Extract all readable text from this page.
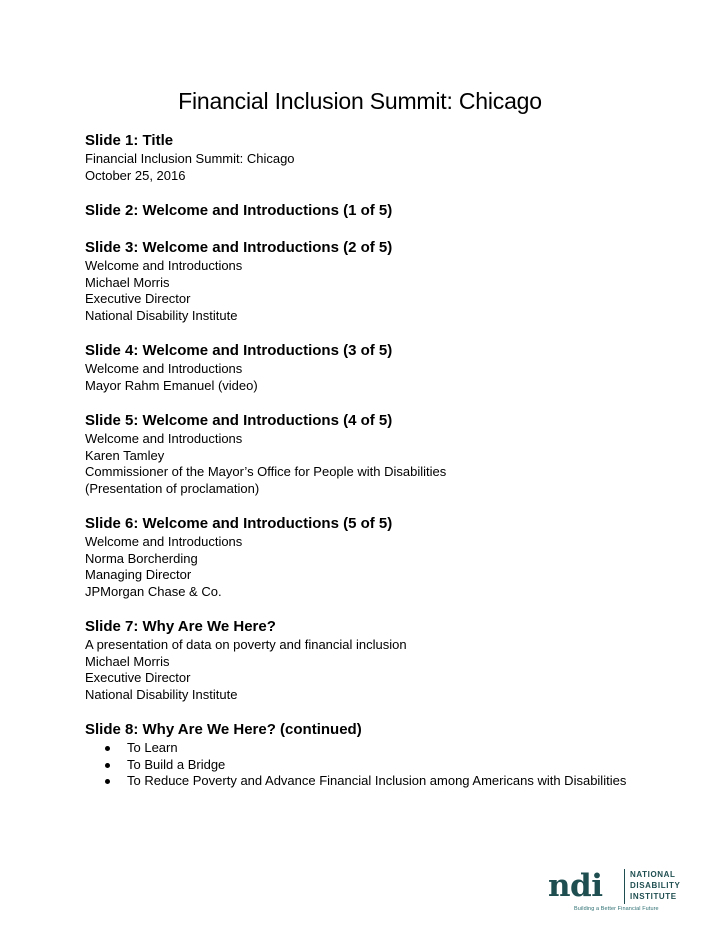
Financial Inclusion Summit: Chicago

Slide 1: Title

Financial Inclusion Summit: Chicago

October 25, 2016

Slide 2: Welcome and Introductions (1 of 5)

Slide 3: Welcome and Introductions (2 of 5)

Welcome and Introductions

Michael Morris

Executive Director

National Disability Institute

Slide 4: Welcome and Introductions (3 of 5)

Welcome and Introductions

Mayor Rahm Emanuel (video)

Slide 5: Welcome and Introductions (4 of 5)

Welcome and Introductions

Karen Tamley

Commissioner of the Mayor’s Office for People with Disabilities

(Presentation of proclamation)

Slide 6: Welcome and Introductions (5 of 5)

Welcome and Introductions

Norma Borcherding

Managing Director

JPMorgan Chase & Co.

Slide 7: Why Are We Here?

A presentation of data on poverty and financial inclusion

Michael Morris

Executive Director

National Disability Institute

Slide 8: Why Are We Here? (continued)

To Learn
To Build a Bridge
To Reduce Poverty and Advance Financial Inclusion among Americans with Disabilities
ndi	NATIONAL
DISABILITY
INSTITUTE
Building a Better Financial Future
